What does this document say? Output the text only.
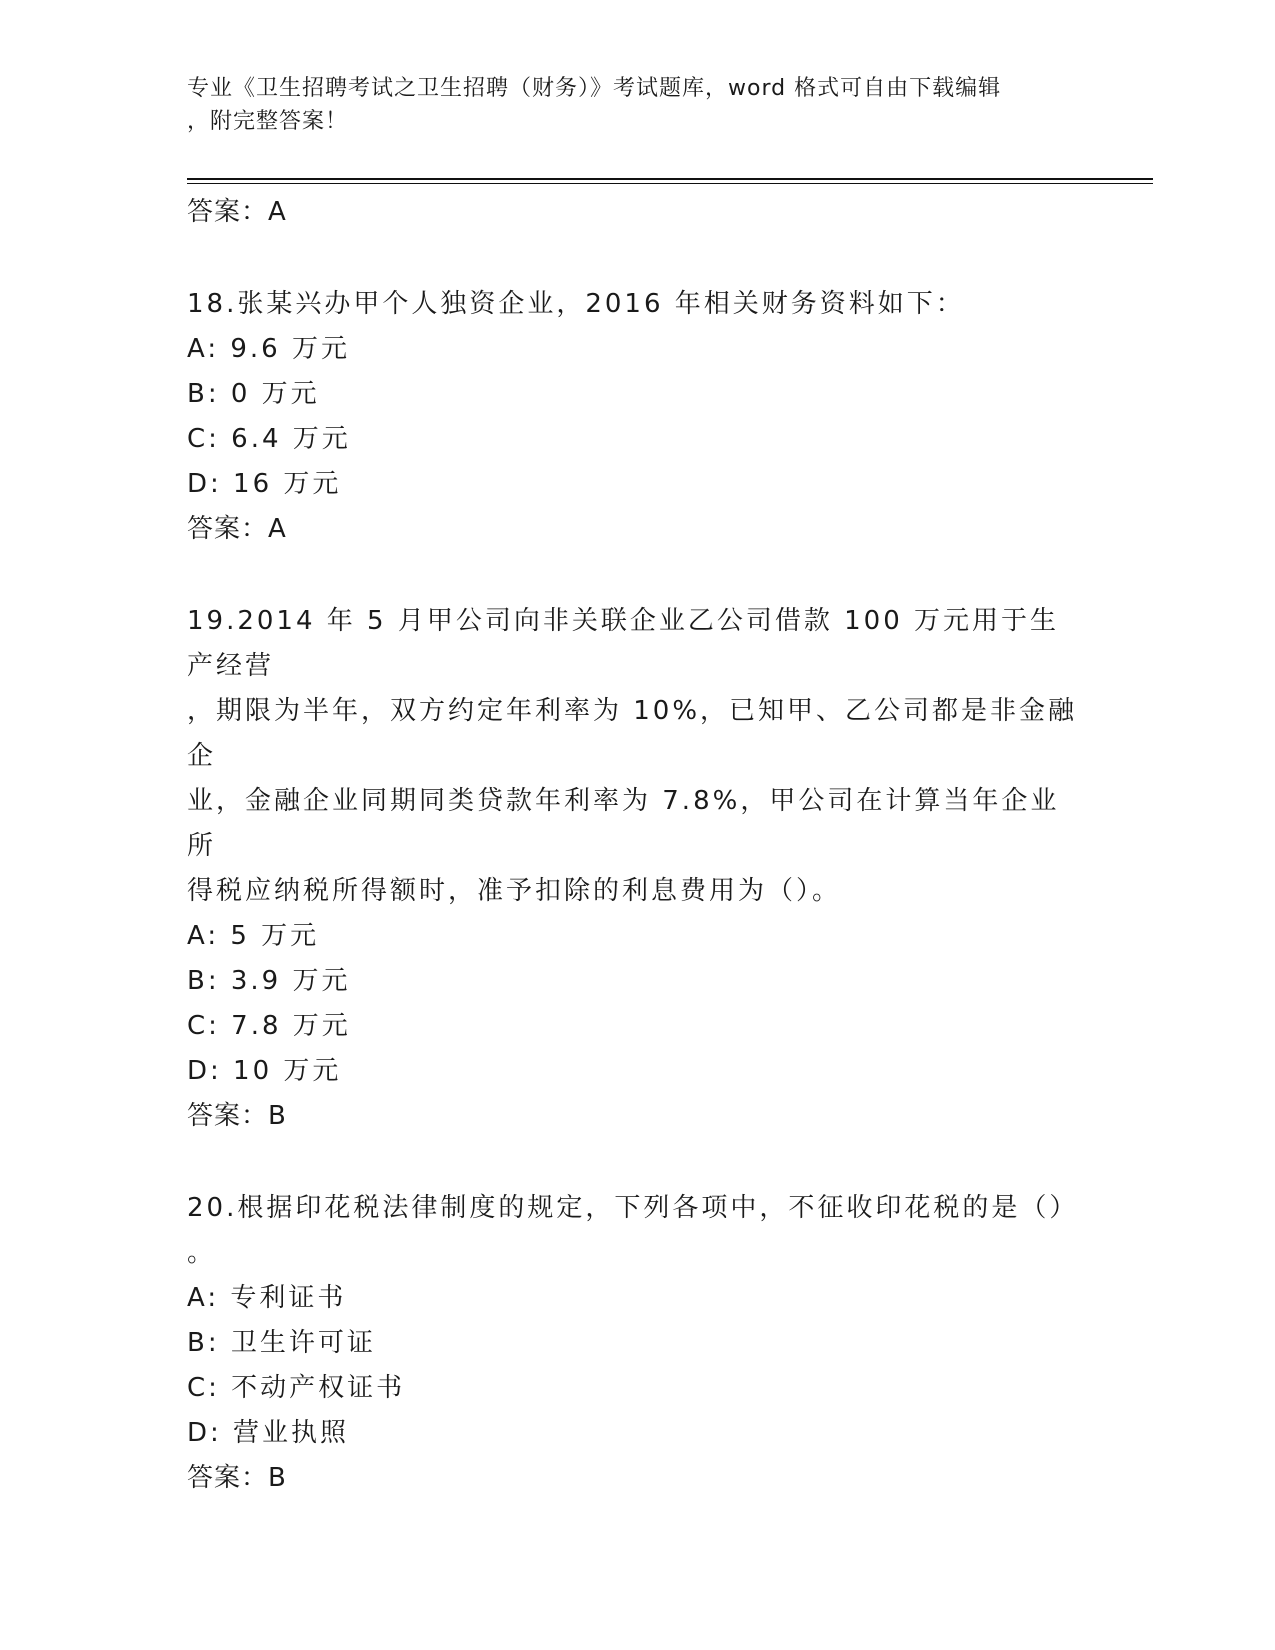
专业《卫生招聘考试之卫生招聘（财务）》考试题库，word 格式可自由下载编辑
，附完整答案！
答案：A
18.张某兴办甲个人独资企业，2016 年相关财务资料如下：
A: 9.6 万元
B: 0 万元
C: 6.4 万元
D: 16 万元
答案：A
19.2014 年 5 月甲公司向非关联企业乙公司借款 100 万元用于生产经营
，期限为半年，双方约定年利率为 10%，已知甲、乙公司都是非金融企
业，金融企业同期同类贷款年利率为 7.8%，甲公司在计算当年企业所
得税应纳税所得额时，准予扣除的利息费用为（）。
A: 5 万元
B: 3.9 万元
C: 7.8 万元
D: 10 万元
答案：B
20.根据印花税法律制度的规定，下列各项中，不征收印花税的是（）
。
A: 专利证书
B: 卫生许可证
C: 不动产权证书
D: 营业执照
答案：B
